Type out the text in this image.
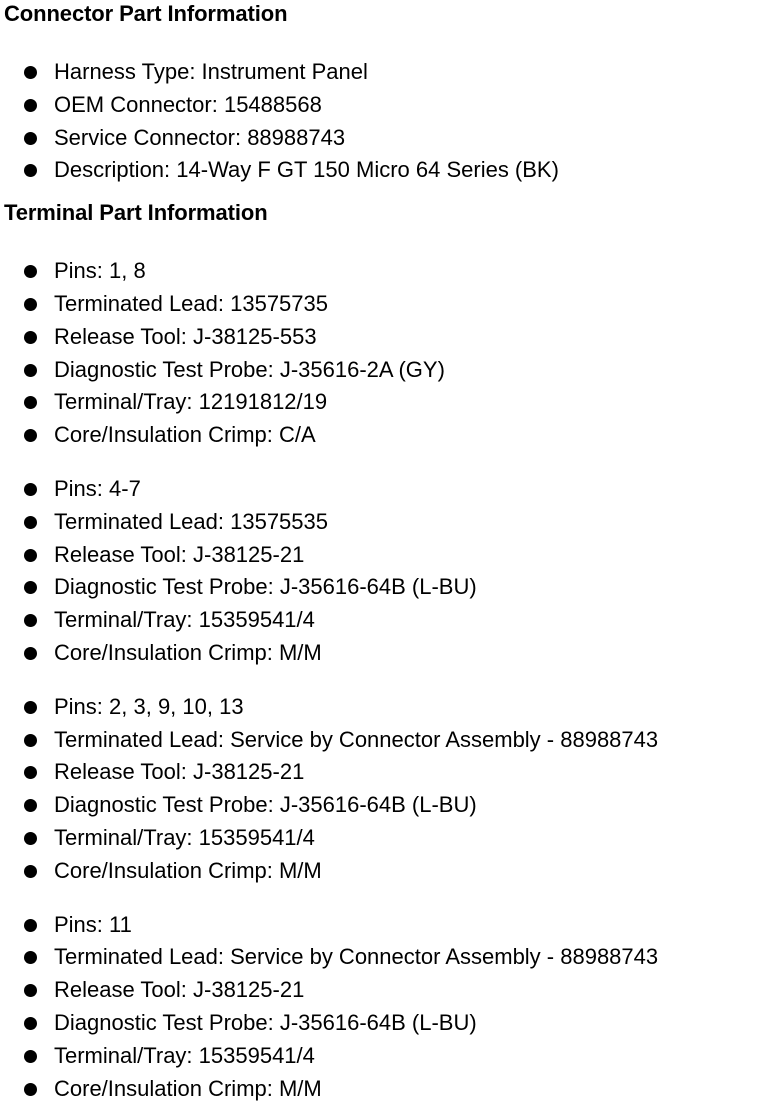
Connector Part Information
Harness Type: Instrument Panel
OEM Connector: 15488568
Service Connector: 88988743
Description: 14-Way F GT 150 Micro 64 Series (BK)
Terminal Part Information
Pins: 1, 8
Terminated Lead: 13575735
Release Tool: J-38125-553
Diagnostic Test Probe: J-35616-2A (GY)
Terminal/Tray: 12191812/19
Core/Insulation Crimp: C/A
Pins: 4-7
Terminated Lead: 13575535
Release Tool: J-38125-21
Diagnostic Test Probe: J-35616-64B (L-BU)
Terminal/Tray: 15359541/4
Core/Insulation Crimp: M/M
Pins: 2, 3, 9, 10, 13
Terminated Lead: Service by Connector Assembly - 88988743
Release Tool: J-38125-21
Diagnostic Test Probe: J-35616-64B (L-BU)
Terminal/Tray: 15359541/4
Core/Insulation Crimp: M/M
Pins: 11
Terminated Lead: Service by Connector Assembly - 88988743
Release Tool: J-38125-21
Diagnostic Test Probe: J-35616-64B (L-BU)
Terminal/Tray: 15359541/4
Core/Insulation Crimp: M/M
